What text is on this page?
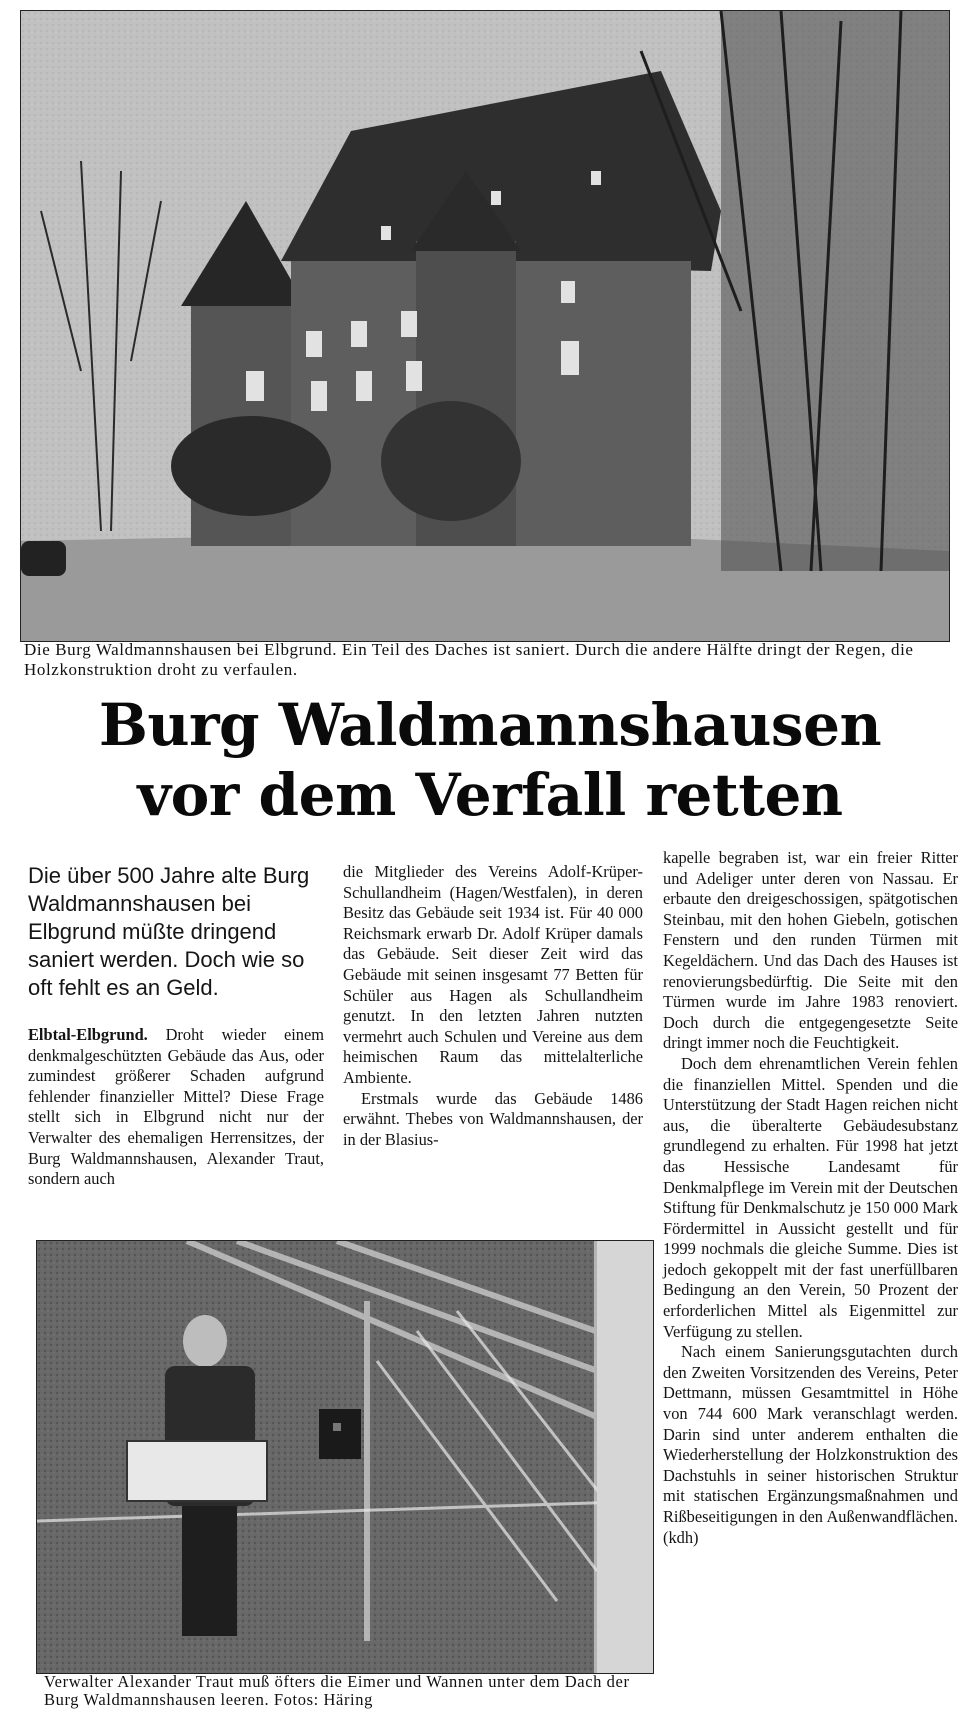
Die Burg Waldmannshausen bei Elbgrund. Ein Teil des Daches ist saniert. Durch die andere Hälfte dringt der Regen, die Holzkonstruktion droht zu verfaulen.
Burg Waldmannshausen
vor dem Verfall retten
Die über 500 Jahre alte Burg Waldmannshausen bei Elbgrund müßte dringend saniert werden. Doch wie so oft fehlt es an Geld.

Elbtal-Elbgrund. Droht wieder einem denkmalgeschützten Gebäude das Aus, oder zumindest größerer Schaden aufgrund fehlender finanzieller Mittel? Diese Frage stellt sich in Elbgrund nicht nur der Verwalter des ehemaligen Herrensitzes, der Burg Waldmannshausen, Alexander Traut, sondern auch

die Mitglieder des Vereins Adolf-Krüper-Schullandheim (Hagen/Westfalen), in deren Besitz das Gebäude seit 1934 ist. Für 40 000 Reichsmark erwarb Dr. Adolf Krüper damals das Gebäude. Seit dieser Zeit wird das Gebäude mit seinen insgesamt 77 Betten für Schüler aus Hagen als Schullandheim genutzt. In den letzten Jahren nutzten vermehrt auch Schulen und Vereine aus dem heimischen Raum das mittelalterliche Ambiente.

Erstmals wurde das Gebäude 1486 erwähnt. Thebes von Waldmannshausen, der in der Blasius-

kapelle begraben ist, war ein freier Ritter und Adeliger unter deren von Nassau. Er erbaute den dreigeschossigen, spätgotischen Steinbau, mit den hohen Giebeln, gotischen Fenstern und den runden Türmen mit Kegeldächern. Und das Dach des Hauses ist renovierungsbedürftig. Die Seite mit den Türmen wurde im Jahre 1983 renoviert. Doch durch die entgegengesetzte Seite dringt immer noch die Feuchtigkeit.

Doch dem ehrenamtlichen Verein fehlen die finanziellen Mittel. Spenden und die Unterstützung der Stadt Hagen reichen nicht aus, die überalterte Gebäudesubstanz grundlegend zu erhalten. Für 1998 hat jetzt das Hessische Landesamt für Denkmalpflege im Verein mit der Deutschen Stiftung für Denkmalschutz je 150 000 Mark Fördermittel in Aussicht gestellt und für 1999 nochmals die gleiche Summe. Dies ist jedoch gekoppelt mit der fast unerfüllbaren Bedingung an den Verein, 50 Prozent der erforderlichen Mittel als Eigenmittel zur Verfügung zu stellen.

Nach einem Sanierungsgutachten durch den Zweiten Vorsitzenden des Vereins, Peter Dettmann, müssen Gesamtmittel in Höhe von 744 600 Mark veranschlagt werden. Darin sind unter anderem enthalten die Wiederherstellung der Holzkonstruktion des Dachstuhls in seiner historischen Struktur mit statischen Ergänzungsmaßnahmen und Rißbeseitigungen in den Außenwandflächen. (kdh)

Verwalter Alexander Traut muß öfters die Eimer und Wannen unter dem Dach der Burg Waldmannshausen leeren. Fotos: Häring
